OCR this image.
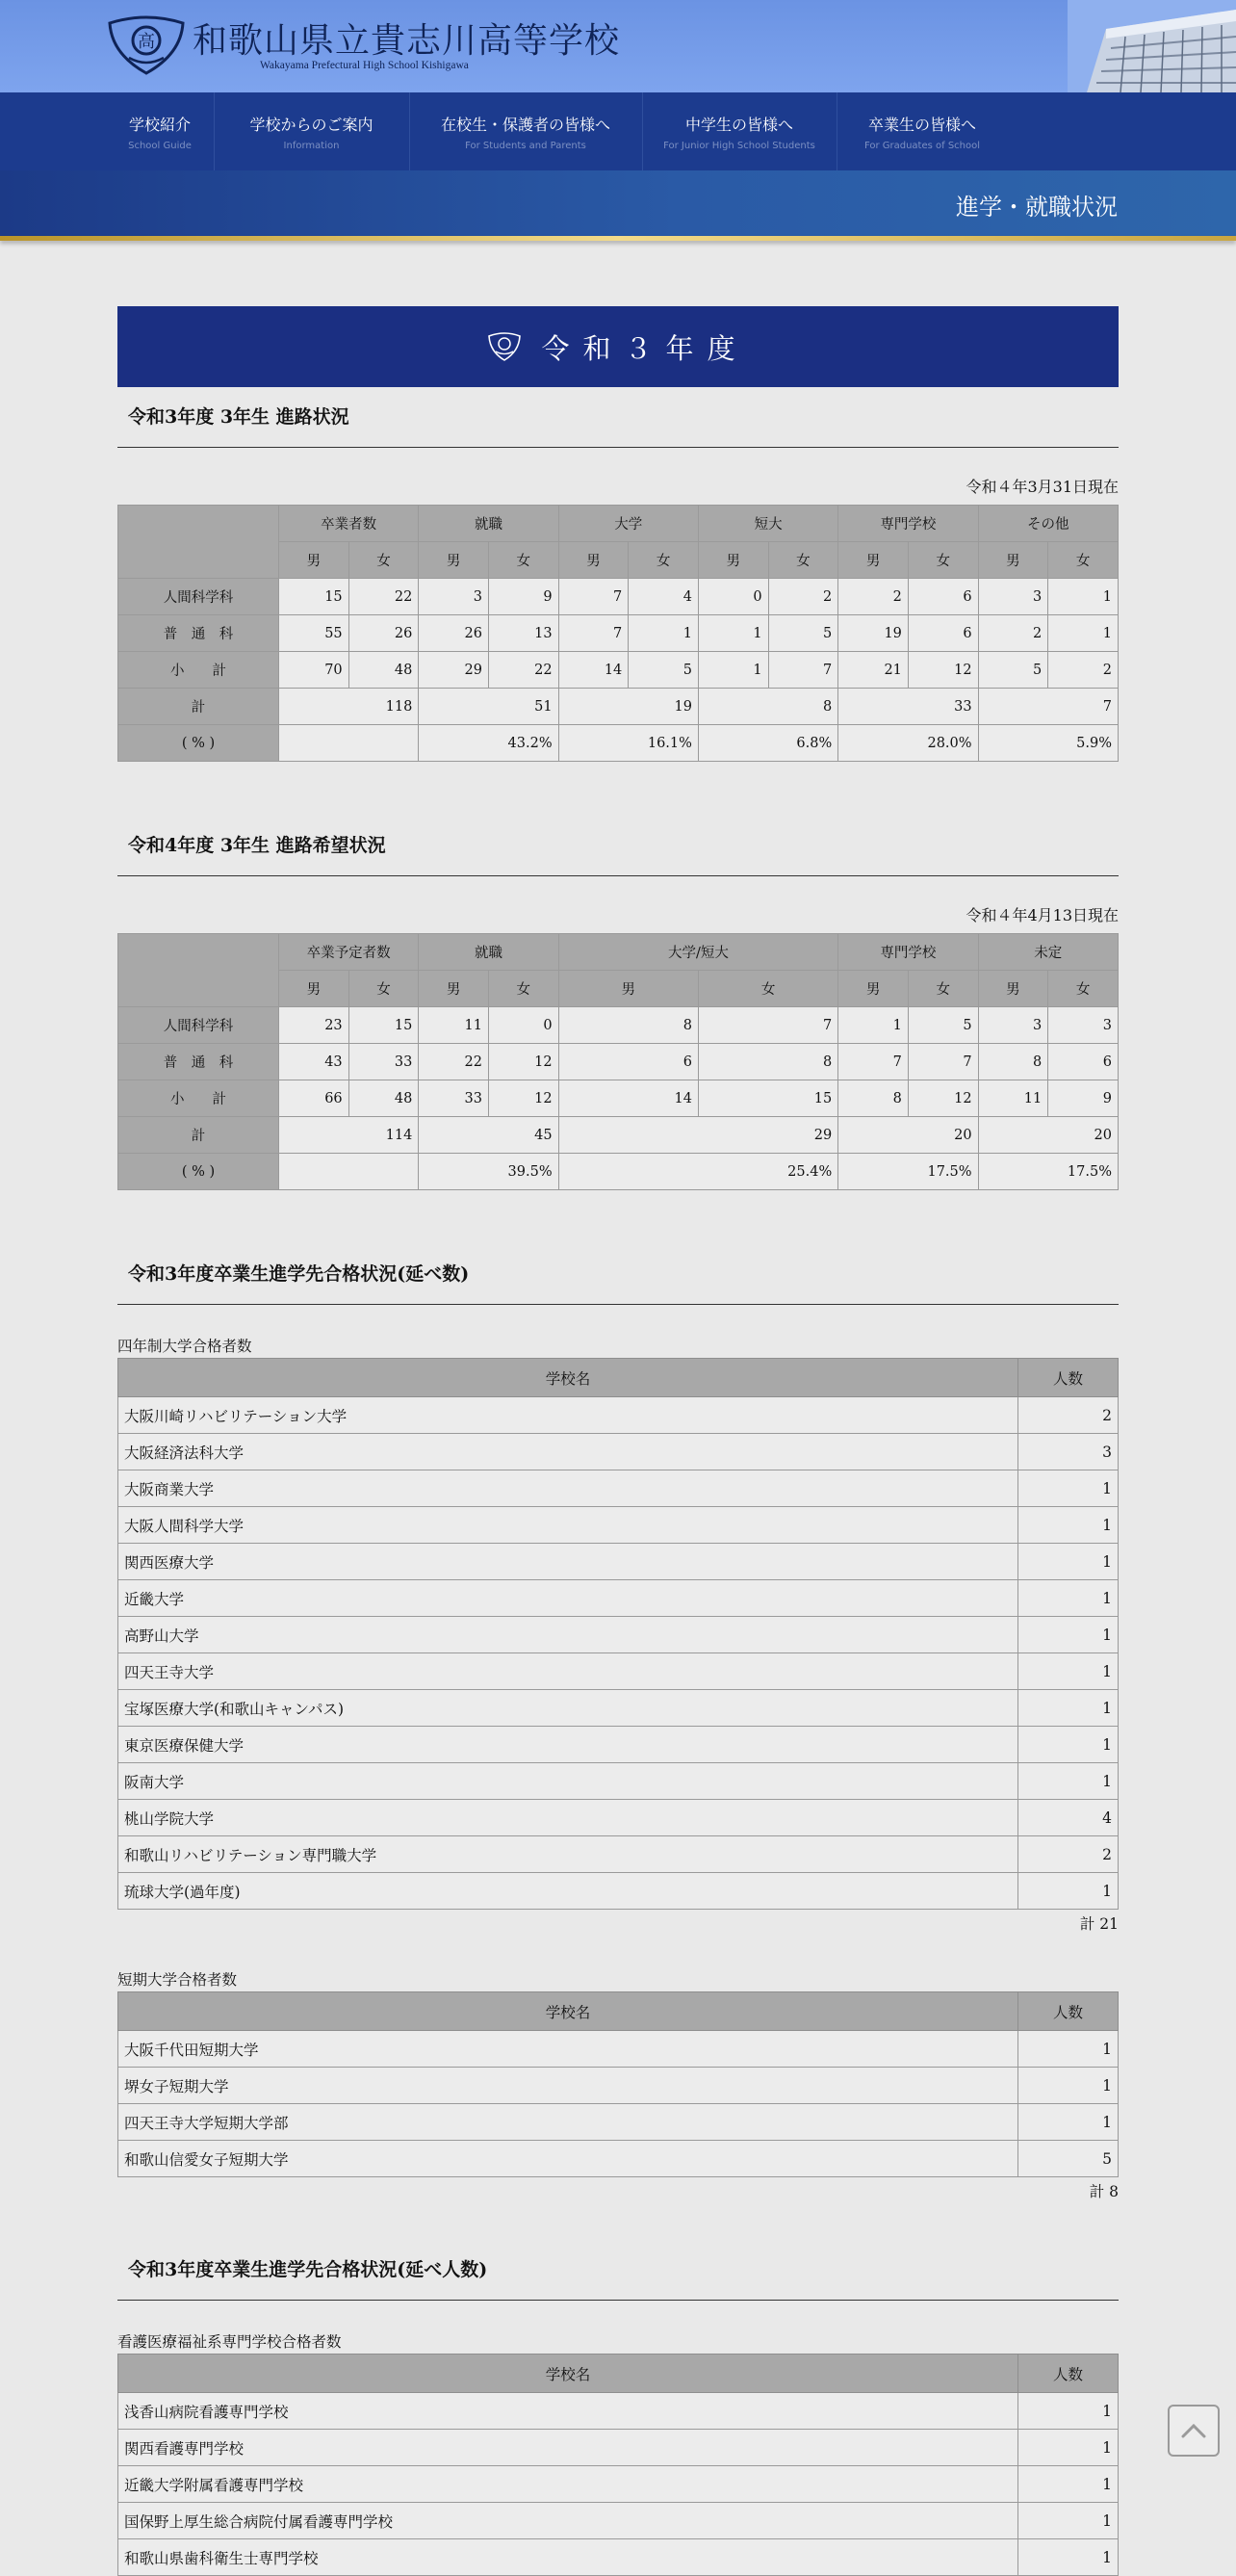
高 和歌山県立貴志川高等学校
Wakayama Prefectural High School Kishigawa
学校紹介
School Guide
学校からのご案内
Information
在校生・保護者の皆様へ
For Students and Parents
中学生の皆様へ
For Junior High School Students
卒業生の皆様へ
For Graduates of School
進学・就職状況
令和３年度
令和3年度 3年生 進路状況
令和４年3月31日現在
	卒業者数		就職		大学		短大		専門学校		その他	
	男	女	男	女	男	女	男	女	男	女	男	女
人間科学科	15	22	3	9	7	4	0	2	2	6	3	1
普　通　科	55	26	26	13	7	1	1	5	19	6	2	1
小　　計	70	48	29	22	14	5	1	7	21	12	5	2
計	118		51		19		8		33		7	
( % )			43.2%		16.1%		6.8%		28.0%		5.9%	
令和4年度 3年生 進路希望状況
令和４年4月13日現在
	卒業予定者数		就職		大学/短大		専門学校		未定	
	男	女	男	女	男	女	男	女	男	女
人間科学科	23	15	11	0	8	7	1	5	3	3
普　通　科	43	33	22	12	6	8	7	7	8	6
小　　計	66	48	33	12	14	15	8	12	11	9
計	114		45		29		20		20	
( % )			39.5%		25.4%		17.5%		17.5%	
令和3年度卒業生進学先合格状況(延べ数)
四年制大学合格者数
学校名	人数
大阪川崎リハビリテーション大学	2
大阪経済法科大学	3
大阪商業大学	1
大阪人間科学大学	1
関西医療大学	1
近畿大学	1
高野山大学	1
四天王寺大学	1
宝塚医療大学(和歌山キャンパス)	1
東京医療保健大学	1
阪南大学	1
桃山学院大学	4
和歌山リハビリテーション専門職大学	2
琉球大学(過年度)	1
計 21
短期大学合格者数
学校名	人数
大阪千代田短期大学	1
堺女子短期大学	1
四天王寺大学短期大学部	1
和歌山信愛女子短期大学	5
計 8
令和3年度卒業生進学先合格状況(延べ人数)
看護医療福祉系専門学校合格者数
学校名	人数
浅香山病院看護専門学校	1
関西看護専門学校	1
近畿大学附属看護専門学校	1
国保野上厚生総合病院付属看護専門学校	1
和歌山県歯科衛生士専門学校	1
